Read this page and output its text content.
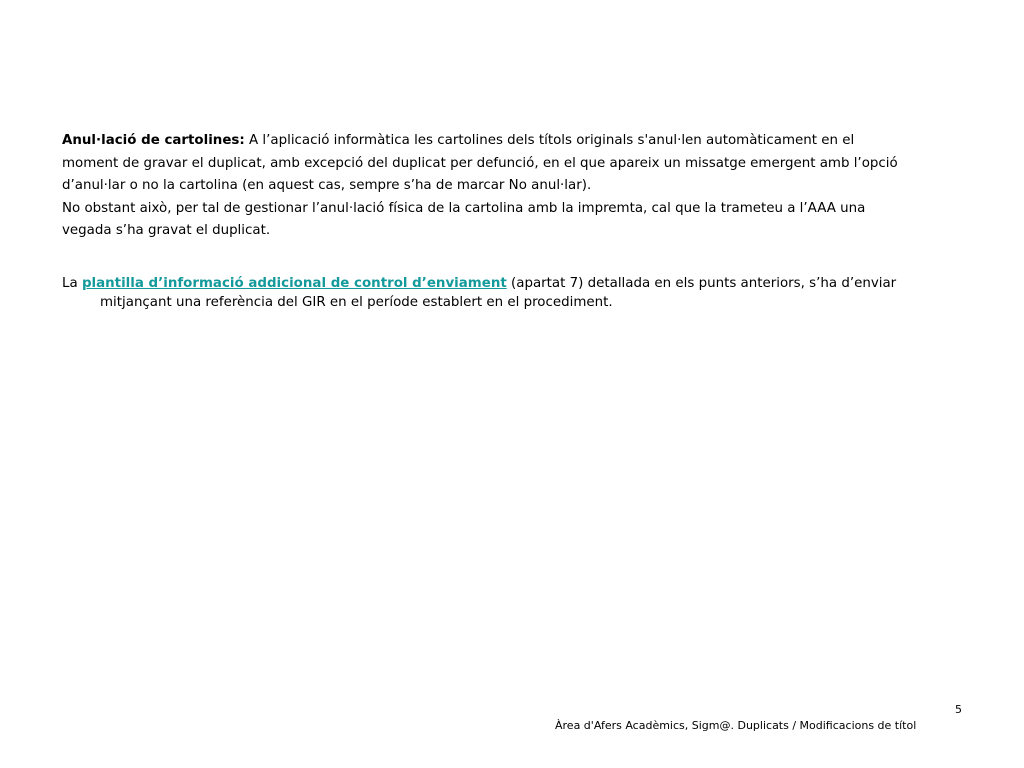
Anul·lació de cartolines: A l’aplicació informàtica les cartolines dels títols originals s'anul·len automàticament en el
moment de gravar el duplicat, amb excepció del duplicat per defunció, en el que apareix un missatge emergent amb l’opció
d’anul·lar o no la cartolina (en aquest cas, sempre s’ha de marcar No anul·lar).
No obstant això, per tal de gestionar l’anul·lació física de la cartolina amb la impremta, cal que la trameteu a l’AAA una
vegada s’ha gravat el duplicat.

La plantilla d’informació addicional de control d’enviament (apartat 7) detallada en els punts anteriors, s’ha d’enviar
mitjançant una referència del GIR en el període establert en el procediment.

5
Àrea d'Afers Acadèmics, Sigm@. Duplicats / Modificacions de títol
